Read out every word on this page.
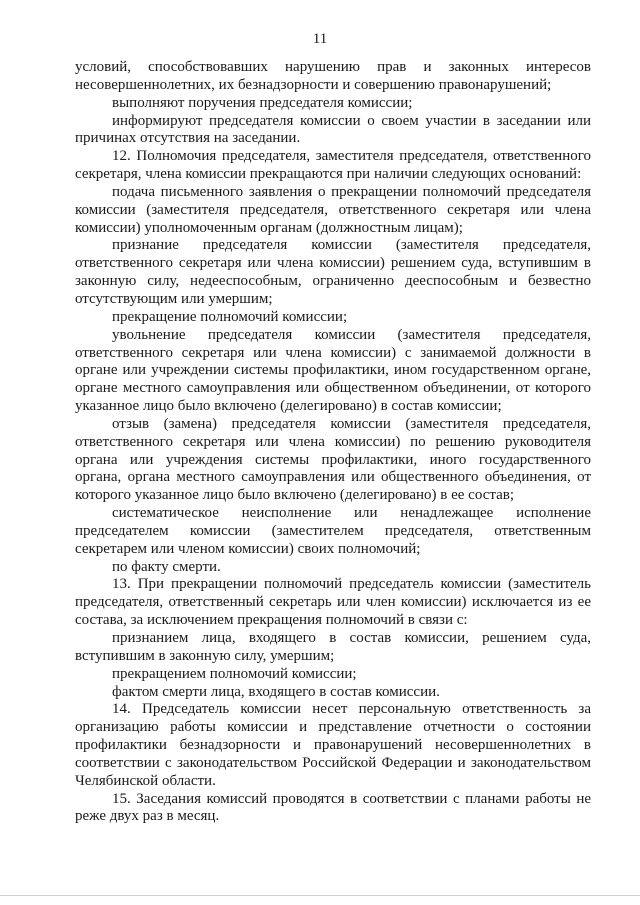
11
условий, способствовавших нарушению прав и законных интересов
несовершеннолетних, их безнадзорности и совершению правонарушений;
выполняют поручения председателя комиссии;
информируют председателя комиссии о своем участии в заседании или
причинах отсутствия на заседании.
12. Полномочия председателя, заместителя председателя, ответственного
секретаря, члена комиссии прекращаются при наличии следующих оснований:
подача письменного заявления о прекращении полномочий председателя
комиссии (заместителя председателя, ответственного секретаря или члена
комиссии) уполномоченным органам (должностным лицам);
признание председателя комиссии (заместителя председателя,
ответственного секретаря или члена комиссии) решением суда, вступившим в
законную силу, недееспособным, ограниченно дееспособным и безвестно
отсутствующим или умершим;
прекращение полномочий комиссии;
увольнение председателя комиссии (заместителя председателя,
ответственного секретаря или члена комиссии) с занимаемой должности в
органе или учреждении системы профилактики, ином государственном органе,
органе местного самоуправления или общественном объединении, от которого
указанное лицо было включено (делегировано) в состав комиссии;
отзыв (замена) председателя комиссии (заместителя председателя,
ответственного секретаря или члена комиссии) по решению руководителя
органа или учреждения системы профилактики, иного государственного
органа, органа местного самоуправления или общественного объединения, от
которого указанное лицо было включено (делегировано) в ее состав;
систематическое неисполнение или ненадлежащее исполнение
председателем комиссии (заместителем председателя, ответственным
секретарем или членом комиссии) своих полномочий;
по факту смерти.
13. При прекращении полномочий председатель комиссии (заместитель
председателя, ответственный секретарь или член комиссии) исключается из ее
состава, за исключением прекращения полномочий в связи с:
признанием лица, входящего в состав комиссии, решением суда,
вступившим в законную силу, умершим;
прекращением полномочий комиссии;
фактом смерти лица, входящего в состав комиссии.
14. Председатель комиссии несет персональную ответственность за
организацию работы комиссии и представление отчетности о состоянии
профилактики безнадзорности и правонарушений несовершеннолетних в
соответствии с законодательством Российской Федерации и законодательством
Челябинской области.
15. Заседания комиссий проводятся в соответствии с планами работы не
реже двух раз в месяц.
